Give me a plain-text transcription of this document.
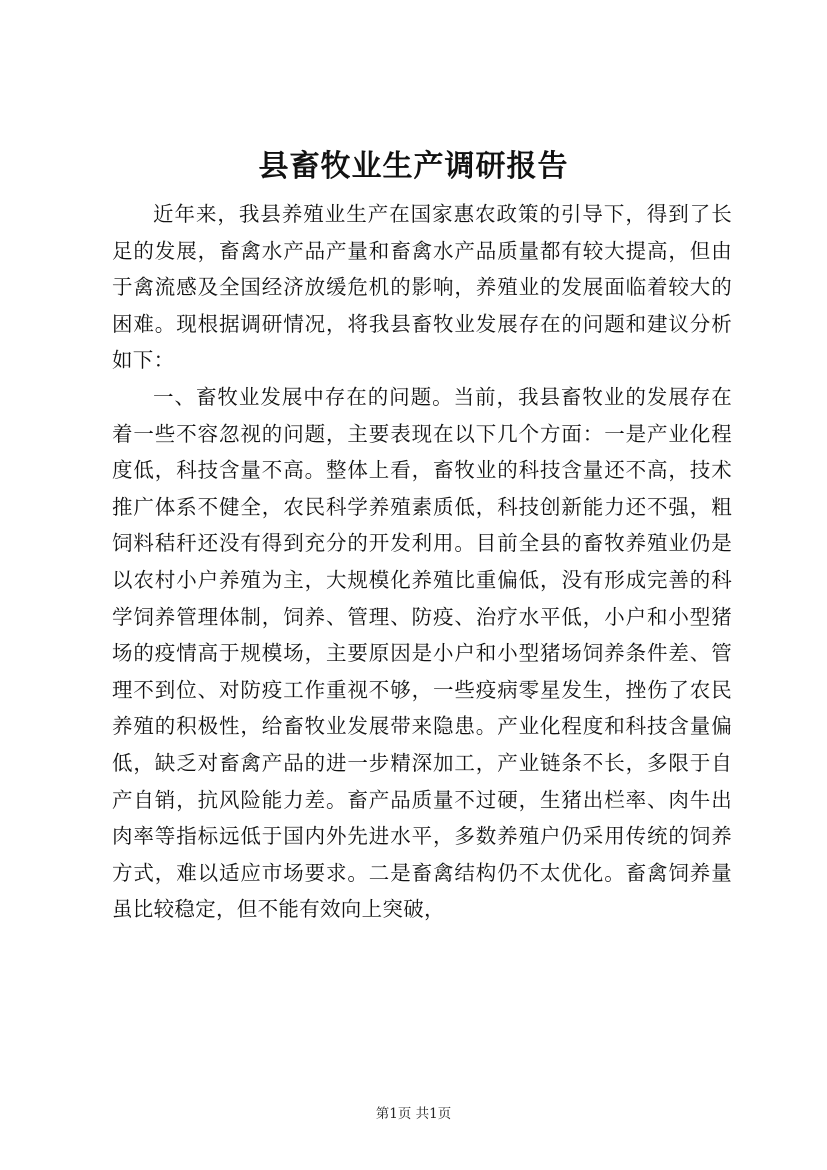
县畜牧业生产调研报告

近年来，我县养殖业生产在国家惠农政策的引导下，得到了长足的发展，畜禽水产品产量和畜禽水产品质量都有较大提高，但由于禽流感及全国经济放缓危机的影响，养殖业的发展面临着较大的困难。现根据调研情况，将我县畜牧业发展存在的问题和建议分析如下：

一、畜牧业发展中存在的问题。当前，我县畜牧业的发展存在着一些不容忽视的问题，主要表现在以下几个方面：一是产业化程度低，科技含量不高。整体上看，畜牧业的科技含量还不高，技术推广体系不健全，农民科学养殖素质低，科技创新能力还不强，粗饲料秸秆还没有得到充分的开发利用。目前全县的畜牧养殖业仍是以农村小户养殖为主，大规模化养殖比重偏低，没有形成完善的科学饲养管理体制，饲养、管理、防疫、治疗水平低，小户和小型猪场的疫情高于规模场，主要原因是小户和小型猪场饲养条件差、管理不到位、对防疫工作重视不够，一些疫病零星发生，挫伤了农民养殖的积极性，给畜牧业发展带来隐患。产业化程度和科技含量偏低，缺乏对畜禽产品的进一步精深加工，产业链条不长，多限于自产自销，抗风险能力差。畜产品质量不过硬，生猪出栏率、肉牛出肉率等指标远低于国内外先进水平，多数养殖户仍采用传统的饲养方式，难以适应市场要求。二是畜禽结构仍不太优化。畜禽饲养量虽比较稳定，但不能有效向上突破，

第1页 共1页
